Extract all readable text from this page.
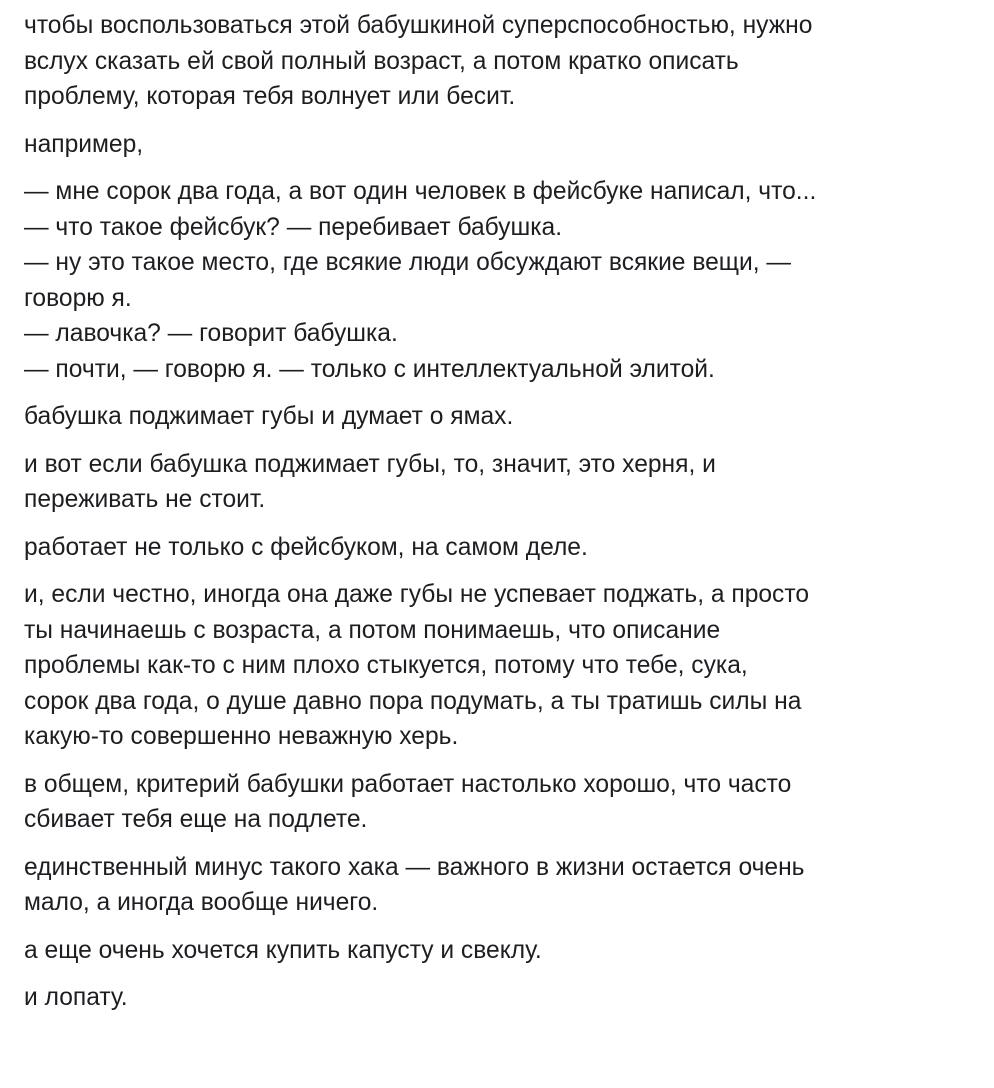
чтобы воспользоваться этой бабушкиной суперспособностью, нужно
вслух сказать ей свой полный возраст, а потом кратко описать
проблему, которая тебя волнует или бесит.

например,

— мне сорок два года, а вот один человек в фейсбуке написал, что...
— что такое фейсбук? — перебивает бабушка.
— ну это такое место, где всякие люди обсуждают всякие вещи, —
говорю я.
— лавочка? — говорит бабушка.
— почти, — говорю я. — только с интеллектуальной элитой.

бабушка поджимает губы и думает о ямах.

и вот если бабушка поджимает губы, то, значит, это херня, и
переживать не стоит.

работает не только с фейсбуком, на самом деле.

и, если честно, иногда она даже губы не успевает поджать, а просто
ты начинаешь с возраста, а потом понимаешь, что описание
проблемы как-то с ним плохо стыкуется, потому что тебе, сука,
сорок два года, о душе давно пора подумать, а ты тратишь силы на
какую-то совершенно неважную херь.

в общем, критерий бабушки работает настолько хорошо, что часто
сбивает тебя еще на подлете.

единственный минус такого хака — важного в жизни остается очень
мало, а иногда вообще ничего.

а еще очень хочется купить капусту и свеклу.

и лопату.
